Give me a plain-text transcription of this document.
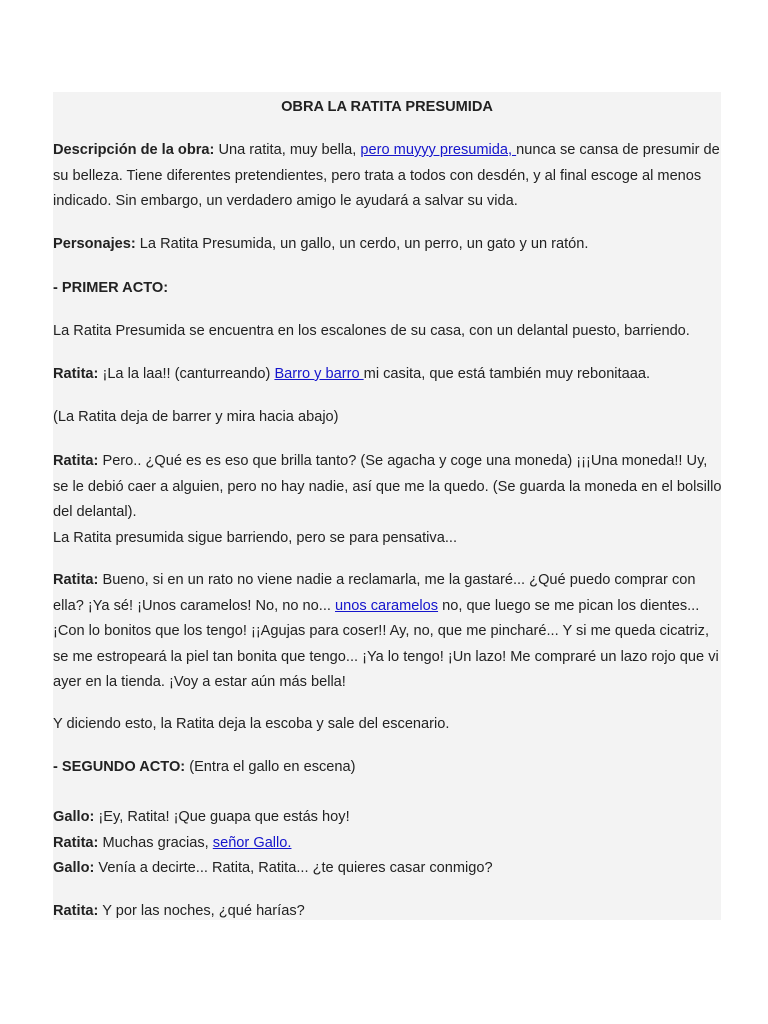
OBRA LA RATITA PRESUMIDA

Descripción de la obra: Una ratita, muy bella, pero muyyy presumida, nunca se cansa de presumir de su belleza. Tiene diferentes pretendientes, pero trata a todos con desdén, y al final escoge al menos indicado. Sin embargo, un verdadero amigo le ayudará a salvar su vida.

Personajes: La Ratita Presumida, un gallo, un cerdo, un perro, un gato y un ratón.

- PRIMER ACTO:

La Ratita Presumida se encuentra en los escalones de su casa, con un delantal puesto, barriendo.

Ratita: ¡La la laa!! (canturreando) Barro y barro mi casita, que está también muy rebonitaaa.

(La Ratita deja de barrer y mira hacia abajo)

Ratita: Pero.. ¿Qué es es eso que brilla tanto? (Se agacha y coge una moneda) ¡¡¡Una moneda!! Uy, se le debió caer a alguien, pero no hay nadie, así que me la quedo. (Se guarda la moneda en el bolsillo del delantal).
La Ratita presumida sigue barriendo, pero se para pensativa...

Ratita: Bueno, si en un rato no viene nadie a reclamarla, me la gastaré... ¿Qué puedo comprar con ella? ¡Ya sé! ¡Unos caramelos! No, no no... unos caramelos no, que luego se me pican los dientes...¡Con lo bonitos que los tengo! ¡¡Agujas para coser!! Ay, no, que me pincharé... Y si me queda cicatriz, se me estropeará la piel tan bonita que tengo... ¡Ya lo tengo! ¡Un lazo! Me compraré un lazo rojo que vi ayer en la tienda. ¡Voy a estar aún más bella!

Y diciendo esto, la Ratita deja la escoba y sale del escenario.

- SEGUNDO ACTO: (Entra el gallo en escena)

Gallo: ¡Ey, Ratita! ¡Que guapa que estás hoy!
Ratita: Muchas gracias, señor Gallo.
Gallo: Venía a decirte... Ratita, Ratita... ¿te quieres casar conmigo?

Ratita: Y por las noches, ¿qué harías?
